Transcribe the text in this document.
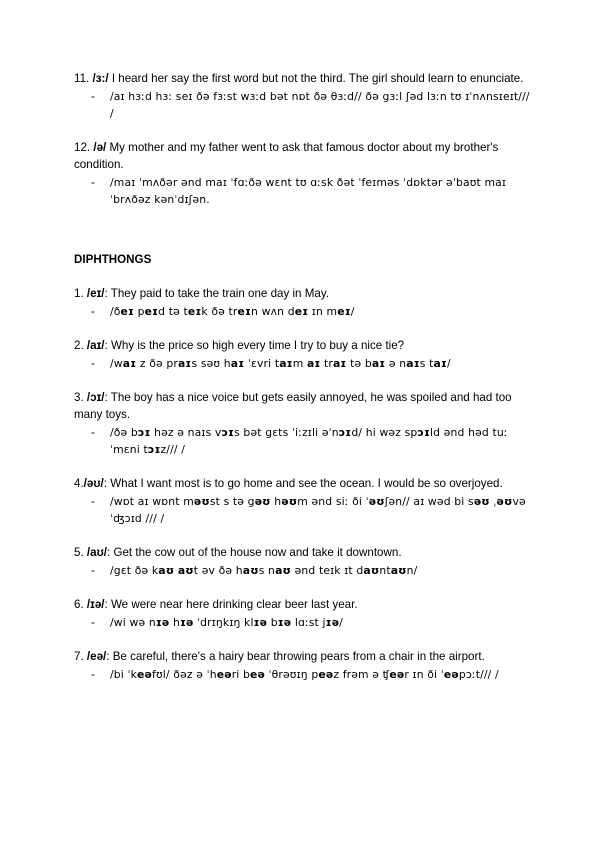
11. /ɜ:/ I heard her say the first word but not the third. The girl should learn to enunciate.
- /aɪ hɜːd hɜː seɪ ðə fɜːst wɜːd bət nɒt ðə θɜːd// ðə gɜːl ʃəd lɜːn tʊ ɪˈnʌnsɪeɪt/// /
12. /ə/ My mother and my father went to ask that famous doctor about my brother's condition.
- /maɪ ˈmʌðər ənd maɪ ˈfɑːðə wɛnt tʊ ɑːsk ðət ˈfeɪməs ˈdɒktər əˈbaʊt maɪ ˈbrʌðəz kənˈdɪʃən.
DIPHTHONGS
1. /eɪ/: They paid to take the train one day in May.
- /ðeɪ peɪd tə teɪk ðə treɪn wʌn deɪ ɪn meɪ/
2. /aɪ/: Why is the price so high every time I try to buy a nice tie?
- /waɪ z ðə praɪs səʊ haɪ ˈɛvri taɪm aɪ traɪ tə baɪ ə naɪs taɪ/
3. /ɔɪ/: The boy has a nice voice but gets easily annoyed, he was spoiled and had too many toys.
- /ðə bɔɪ həz ə naɪs vɔɪs bət gɛts ˈiːzɪli əˈnɔɪd/ hi wəz spɔɪld ənd həd tuː ˈmɛni tɔɪz/// /
4./əʊ/: What I want most is to go home and see the ocean. I would be so overjoyed.
- /wɒt aɪ wɒnt məʊst s tə gəʊ həʊm ənd siː ði ˈəʊʃən// aɪ wəd bi səʊ ˌəʊvəˈʤɔɪd /// /
5. /aʊ/: Get the cow out of the house now and take it downtown.
- /gɛt ðə kaʊ aʊt əv ðə haʊs naʊ ənd teɪk ɪt daʊntaʊn/
6. /ɪə/: We were near here drinking clear beer last year.
- /wi wə nɪə hɪə ˈdrɪŋkɪŋ klɪə bɪə lɑːst jɪə/
7. /eə/: Be careful, there's a hairy bear throwing pears from a chair in the airport.
- /bi ˈkeəfʊl/ ðəz ə ˈheəri beə ˈθrəʊɪŋ peəz frəm ə ʧeər ɪn ði ˈeəpɔːt/// /
